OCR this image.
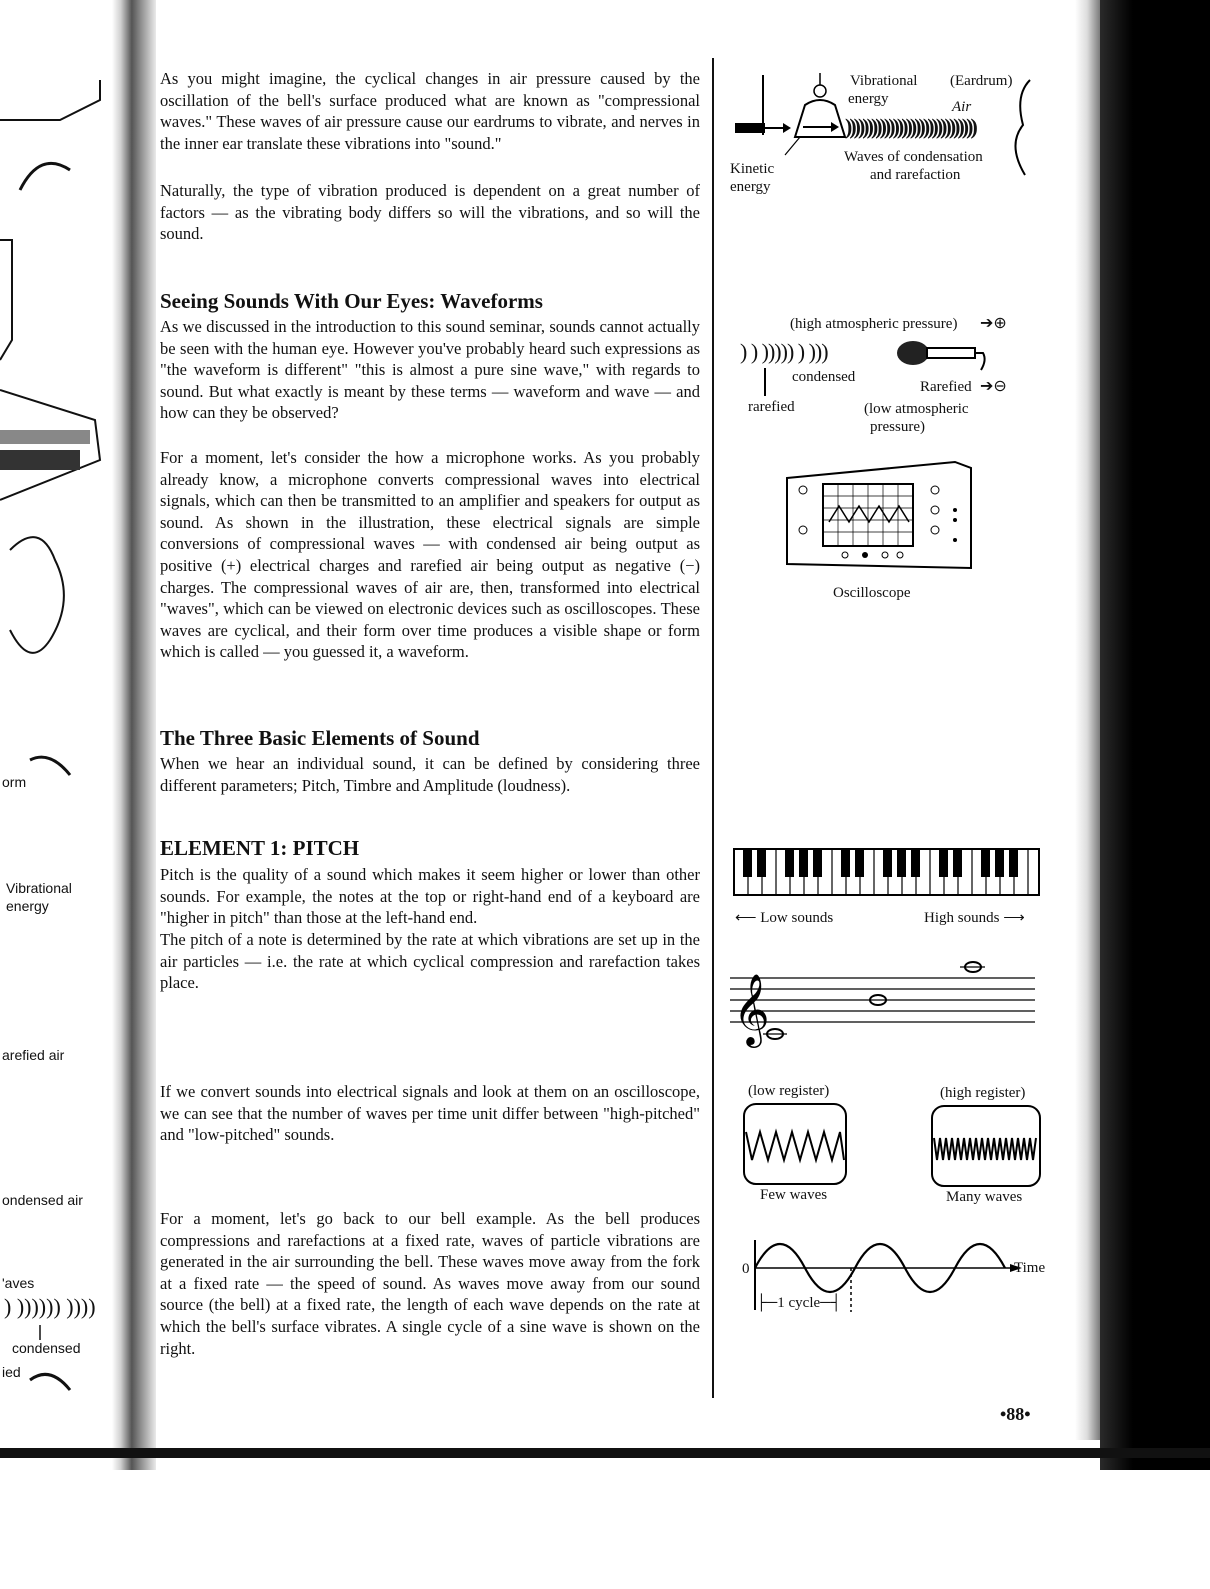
orm
Vibrational
energy
arefied air
ondensed air
'aves
) )))))) ))))
condensed
ied

As you might imagine, the cyclical changes in air pressure caused by the oscillation of the bell's surface produced what are known as "compressional waves." These waves of air pressure cause our eardrums to vibrate, and nerves in the inner ear translate these vibrations into "sound."

Naturally, the type of vibration produced is dependent on a great number of factors — as the vibrating body differs so will the vibrations, and so will the sound.

Seeing Sounds With Our Eyes: Waveforms

As we discussed in the introduction to this sound seminar, sounds cannot actually be seen with the human eye. However you've probably heard such expressions as "the waveform is different" "this is almost a pure sine wave," with regards to sound. But what exactly is meant by these terms — waveform and wave — and how can they be observed?

For a moment, let's consider the how a microphone works. As you probably already know, a microphone converts compressional waves into electrical signals, which can then be transmitted to an amplifier and speakers for output as sound. As shown in the illustration, these electrical signals are simple conversions of compressional waves — with condensed air being output as positive (+) electrical charges and rarefied air being output as negative (−) charges. The compressional waves of air are, then, transformed into electrical "waves", which can be viewed on electronic devices such as oscilloscopes. These waves are cyclical, and their form over time produces a visible shape or form which is called — you guessed it, a waveform.

The Three Basic Elements of Sound

When we hear an individual sound, it can be defined by considering three different parameters; Pitch, Timbre and Amplitude (loudness).

ELEMENT 1: PITCH

Pitch is the quality of a sound which makes it seem higher or lower than other sounds. For example, the notes at the top or right-hand end of a keyboard are "higher in pitch" than those at the left-hand end.

The pitch of a note is determined by the rate at which vibrations are set up in the air particles — i.e. the rate at which cyclical compression and rarefaction takes place.

If we convert sounds into electrical signals and look at them on an oscilloscope, we can see that the number of waves per time unit differ between "high-pitched" and "low-pitched" sounds.

For a moment, let's go back to our bell example. As the bell produces compressions and rarefactions at a fixed rate, waves of particle vibrations are generated in the air surrounding the bell. These waves move away from the fork at a fixed rate — the speed of sound. As waves move away from our sound source (the bell) at a fixed rate, the length of each wave depends on the rate at which the bell's surface vibrates. A single cycle of a sine wave is shown on the right.

Vibrational
energy
(Eardrum)
Air
))))))))))))))))))))))))))))))
Waves of condensation
and rarefaction
Kinetic
energy
(high atmospheric pressure) ➔⊕
) ) ))))) ) )))
condensed
Rarefied ➔⊖
rarefied	(low atmospheric
pressure)
Oscilloscope
⟵ Low sounds	High sounds ⟶
𝄞
(low register)	(high register)
Few waves	Many waves
0	Time
├─1 cycle─┤
•88•
